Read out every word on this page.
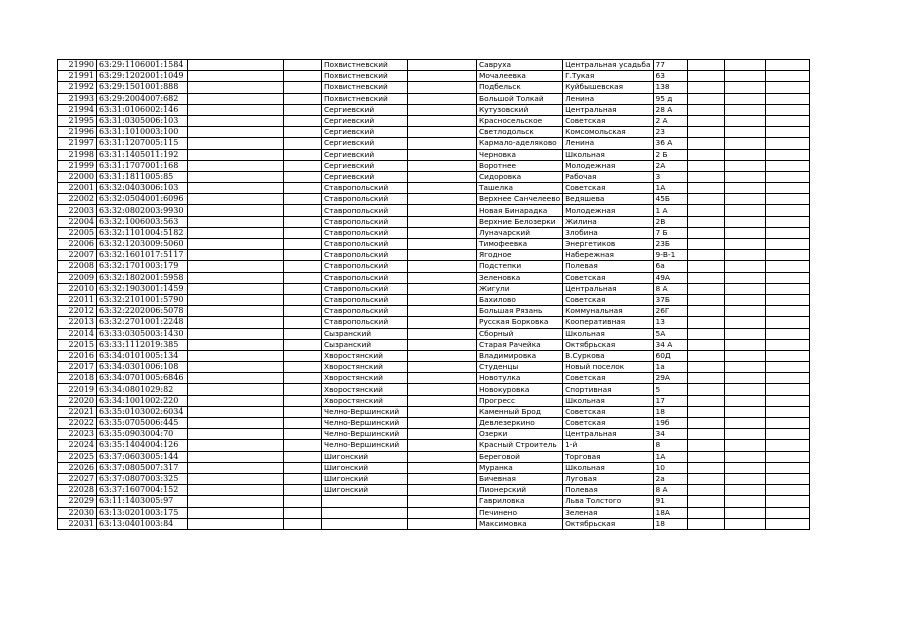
21990	63:29:1106001:1584			Похвистневский		Савруха	Центральная усадьба	77			
21991	63:29:1202001:1049			Похвистневский		Мочалеевка	Г.Тукая	63			
21992	63:29:1501001:888			Похвистневский		Подбельск	Куйбышевская	138			
21993	63:29:2004007:682			Похвистневский		Большой Толкай	Ленина	95 д			
21994	63:31:0106002:146			Сергиевский		Кутузовский	Центральная	28 А			
21995	63:31:0305006:103			Сергиевский		Красносельское	Советская	2 А			
21996	63:31:1010003:100			Сергиевский		Светлодольск	Комсомольская	23			
21997	63:31:1207005:115			Сергиевский		Кармало-аделяково	Ленина	36 А			
21998	63:31:1405011:192			Сергиевский		Черновка	Школьная	2 Б			
21999	63:31:1707001:168			Сергиевский		Воротнее	Молодежная	2А			
22000	63:31:1811005:85			Сергиевский		Сидоровка	Рабочая	3			
22001	63:32:0403006:103			Ставропольский		Ташелка	Советская	1А			
22002	63:32:0504001:6096			Ставропольский		Верхнее Санчелеево	Ведяшева	45Б			
22003	63:32:0802003:9930			Ставропольский		Новая Бинарадка	Молодежная	1 А			
22004	63:32:1006003:563			Ставропольский		Верхние Белозерки	Жилина	2В			
22005	63:32:1101004:5182			Ставропольский		Луначарский	Злобина	7 Б			
22006	63:32:1203009:5060			Ставропольский		Тимофеевка	Энергетиков	23Б			
22007	63:32:1601017:5117			Ставропольский		Ягодное	Набережная	9-В-1			
22008	63:32:1701003:179			Ставропольский		Подстепки	Полевая	6а			
22009	63:32:1802001:5958			Ставропольский		Зеленовка	Советская	49А			
22010	63:32:1903001:1459			Ставропольский		Жигули	Центральная	8 А			
22011	63:32:2101001:5790			Ставропольский		Бахилово	Советская	37Б			
22012	63:32:2202006:5078			Ставропольский		Большая Рязань	Коммунальная	26Г			
22013	63:32:2701001:2248			Ставропольский		Русская Борковка	Кооперативная	13			
22014	63:33:0305003:1430			Сызранский		Сборный	Школьная	5А			
22015	63:33:1112019:385			Сызранский		Старая Рачейка	Октябрьская	34 А			
22016	63:34:0101005:134			Хворостянский		Владимировка	В.Суркова	60Д			
22017	63:34:0301006:108			Хворостянский		Студенцы	Новый поселок	1а			
22018	63:34:0701005:6846			Хворостянский		Новотулка	Советская	29А			
22019	63:34:0801029:82			Хворостянский		Новокуровка	Спортивная	5			
22020	63:34:1001002:220			Хворостянский		Прогресс	Школьная	17			
22021	63:35:0103002:6034			Челно-Вершинский		Каменный Брод	Советская	18			
22022	63:35:0705006:445			Челно-Вершинский		Девлезеркино	Советская	19б			
22023	63:35:0903004:70			Челно-Вершинский		Озерки	Центральная	34			
22024	63:35:1404004:126			Челно-Вершинский		Красный Строитель	1-й	8			
22025	63:37:0603005:144			Шигонский		Береговой	Торговая	1А			
22026	63:37:0805007:317			Шигонский		Муранка	Школьная	10			
22027	63:37:0807003:325			Шигонский		Бичевная	Луговая	2а			
22028	63:37:1607004:152			Шигонский		Пионерский	Полевая	8 А			
22029	63:11:1403005:97					Гавриловка	Льва Толстого	91			
22030	63:13:0201003:175					Печинено	Зеленая	18А			
22031	63:13:0401003:84					Максимовка	Октябрьская	18			
